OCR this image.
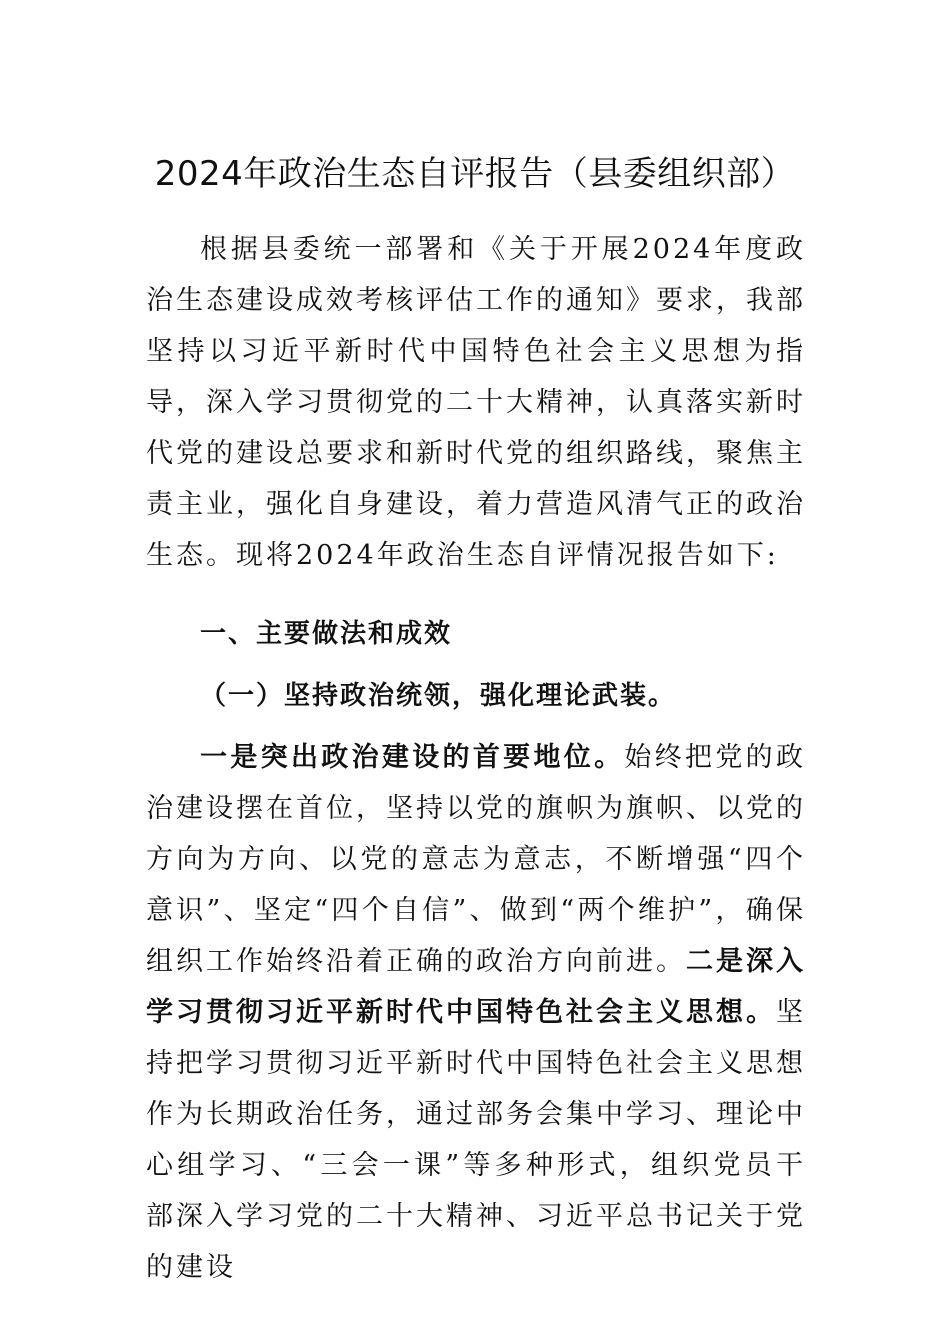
2024年政治生态自评报告（县委组织部）
根据县委统一部署和《关于开展2024年度政治生态建设成效考核评估工作的通知》要求，我部坚持以习近平新时代中国特色社会主义思想为指导，深入学习贯彻党的二十大精神，认真落实新时代党的建设总要求和新时代党的组织路线，聚焦主责主业，强化自身建设，着力营造风清气正的政治生态。现将2024年政治生态自评情况报告如下:
一、主要做法和成效
（一）坚持政治统领，强化理论武装。
一是突出政治建设的首要地位。始终把党的政治建设摆在首位，坚持以党的旗帜为旗帜、以党的方向为方向、以党的意志为意志，不断增强“四个意识”、坚定“四个自信”、做到“两个维护”，确保组织工作始终沿着正确的政治方向前进。二是深入学习贯彻习近平新时代中国特色社会主义思想。坚持把学习贯彻习近平新时代中国特色社会主义思想作为长期政治任务，通过部务会集中学习、理论中心组学习、“三会一课”等多种形式，组织党员干部深入学习党的二十大精神、习近平总书记关于党的建设
